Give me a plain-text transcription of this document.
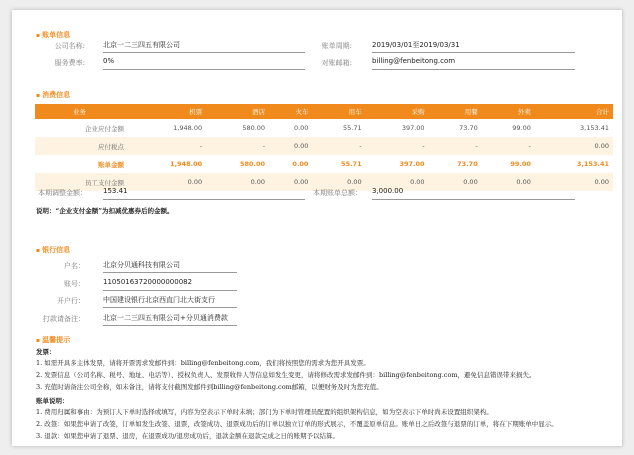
▪ 账单信息
公司名称:	北京一二三四五有限公司	账单周期:	2019/03/01至2019/03/31
服务费率:	0%	对账邮箱:	billing@fenbeitong.com
▪ 消费信息
业务	机票	酒店	火车	用车	采购	用餐	外卖	合计
企业应付金额	1,948.00	580.00	0.00	55.71	397.00	73.70	99.00	3,153.41
应付税点	-	-	0.00	-	-	-	-	0.00
账单金额	1,948.00	580.00	0.00	55.71	397.00	73.70	99.00	3,153.41
员工支付金额	0.00	0.00	0.00	0.00	0.00	0.00	0.00	0.00
本期调整金额： 153.41	本期账单总额： 3,000.00
说明：“企业支付金额”为扣减优惠券后的金额。
▪ 银行信息
户名：	北京分贝通科技有限公司
账号：	11050163720000000082
开户行：	中国建设银行北京西直门北大街支行
打款请备注：	北京一二三四五有限公司+分贝通消费款
▪ 温馨提示
发票：
1. 如需开具多主体发票，请将开票需求发邮件到：billing@fenbeitong.com，我们将按照您的需求为您开具发票。
2. 发票信息（公司名称、税号、地址、电话等）、授权负责人、发票收件人等信息如发生变更，请将修改需求发邮件到：billing@fenbeitong.com，避免信息错误带来损失。
3. 充值时请备注公司全称，如未备注，请将支付截图发邮件到billing@fenbeitong.com邮箱，以便财务及时为您充值。
账单说明：
1. 费用归属和事由：为预订人下单时选择或填写，内容为空表示下单时未填；部门为下单时管理员配置的组织架构信息，如为空表示下单时尚未设置组织架构。
2. 改签：如果您申请了改签，订单如发生改签、退票，改签成功、退票成功后的订单以独立订单的形式展示，不覆盖原单信息。账单日之后改签与退票的订单，将在下期账单中显示。
3. 退款：如果您申请了退票、退房，在退票成功/退房成功后，退款金额在退款完成之日的账期予以结算。
